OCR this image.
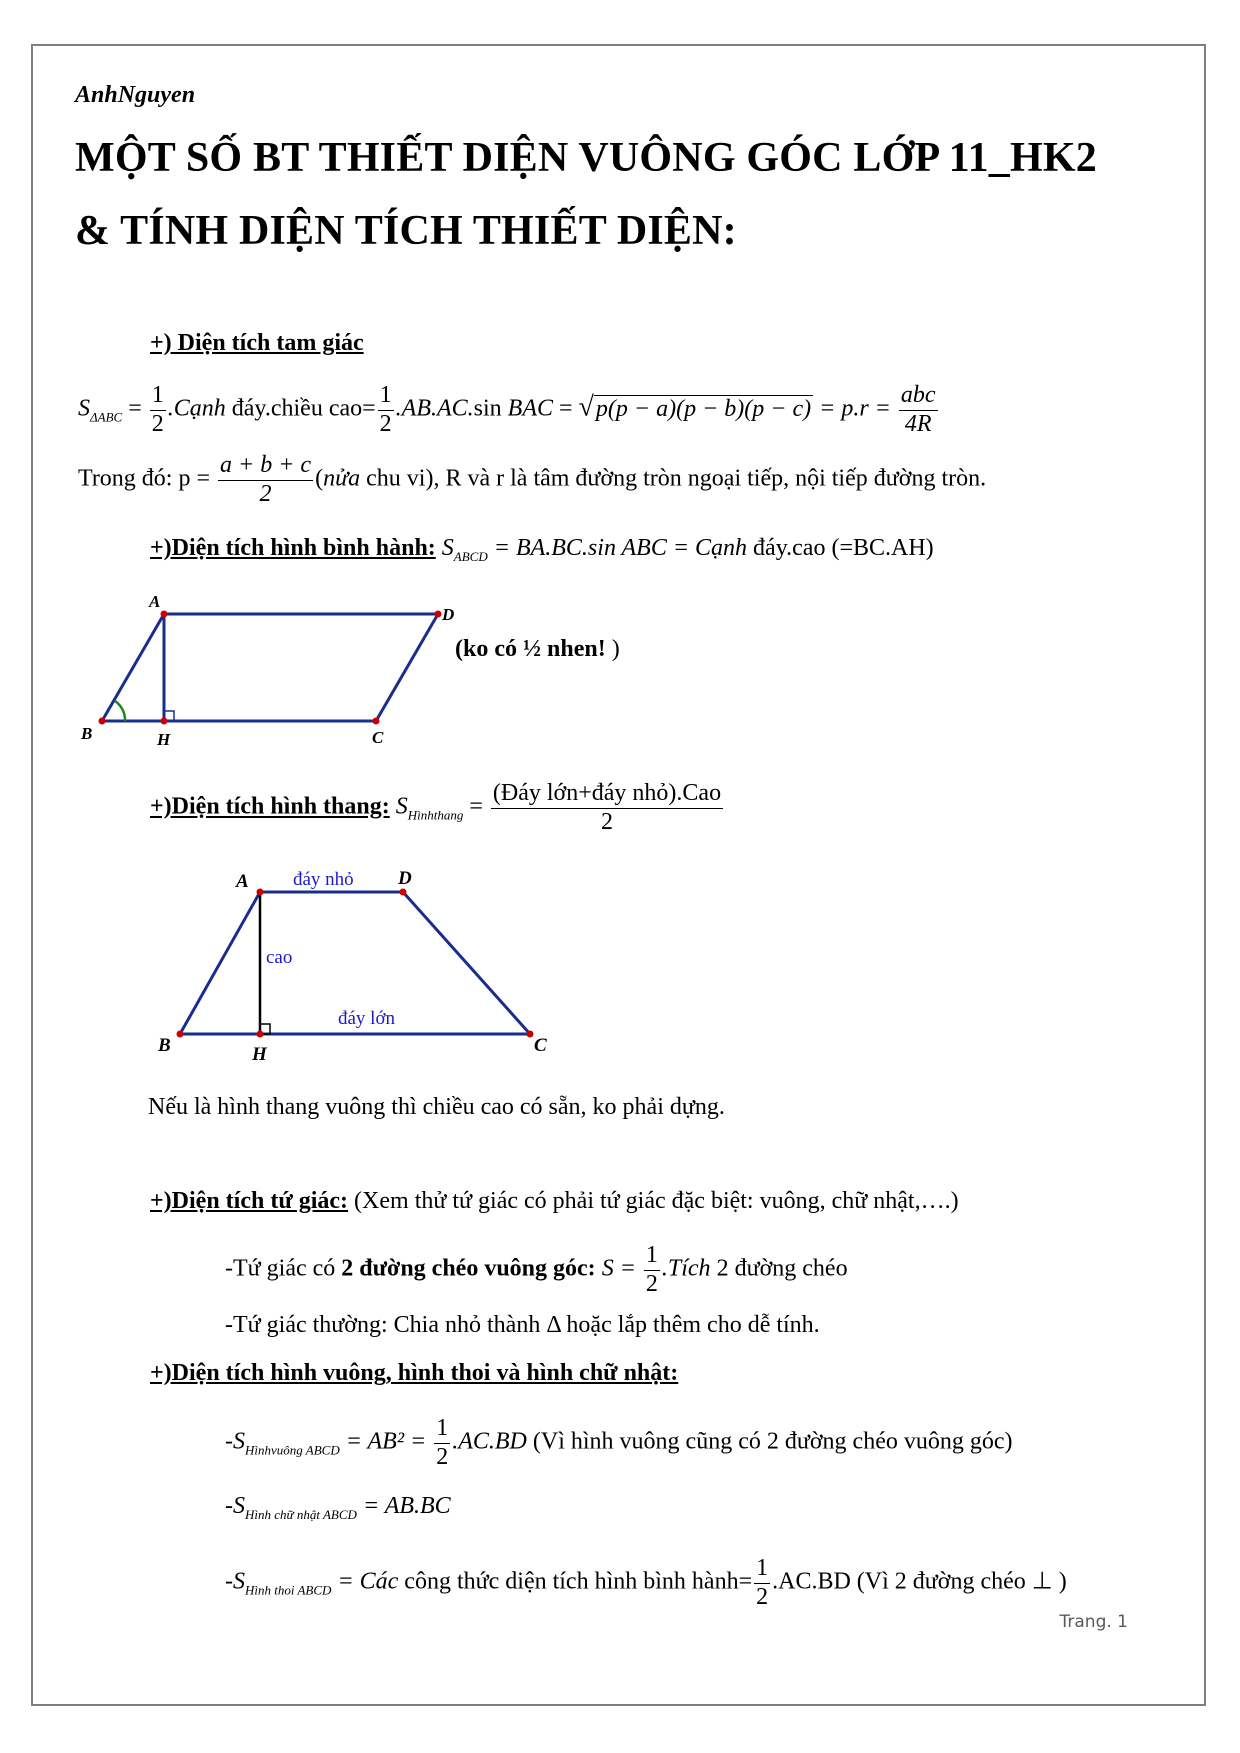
AnhNguyen
MỘT SỐ BT THIẾT DIỆN VUÔNG GÓC LỚP 11_HK2
& TÍNH DIỆN TÍCH THIẾT DIỆN:
+) Diện tích tam giác
$S_{\Delta ABC} = \frac{1}{2}$ .Cạnh đáy.chiều $cao= \frac{1}{2} .AB.AC.\sin$ BAC = $√p(p - a)(p - b)(p - c) = p.r = \frac{\text{abc}}{4R}$
Trong đó: $p = \frac{a + b + c}{2}$ (nửa chu vi), R và r là tâm đường tròn ngoại tiếp, nội tiếp đường tròn.
+)Diện tích hình bình hành: $S_{ABCD} = BA.BC.\sin$ ABC = Cạnh đáy.cao (=BC.AH)
A
D
C
B	H
(ko có ½ nhen! )
+)Diện tích hình thang: $S_{Hìnhthang} = \frac{\text{(Đáy lớn+đáy nhỏ).Cao}}{2}$
A	D
C
B	H
đáy nhỏ
cao
đáy lớn
Nếu là hình thang vuông thì chiều cao có sẵn, ko phải dựng.
+)Diện tích tứ giác: (Xem thử tứ giác có phải tứ giác đặc biệt: vuông, chữ nhật,….)
-Tứ giác có 2 đường chéo vuông góc: $S = \frac{1}{2}$ .Tích 2 đường chéo
-Tứ giác thường: Chia nhỏ thành Δ hoặc lắp thêm cho dễ tính.
+)Diện tích hình vuông, hình thoi và hình chữ nhật:
$-S_{Hìnhvuông ABCD} = AB^2 = \frac{1}{2} .AC.BD$ (Vì hình vuông cũng có 2 đường chéo vuông góc)
$-S_{Hình chữ nhật ABCD} = AB.BC$
$-S_{Hình thoi ABCD}$ = Các công thức diện tích hình bình hành= $\frac{1}{2} .AC.BD$ (Vì 2 đường chéo ⊥ )
Trang. 1
